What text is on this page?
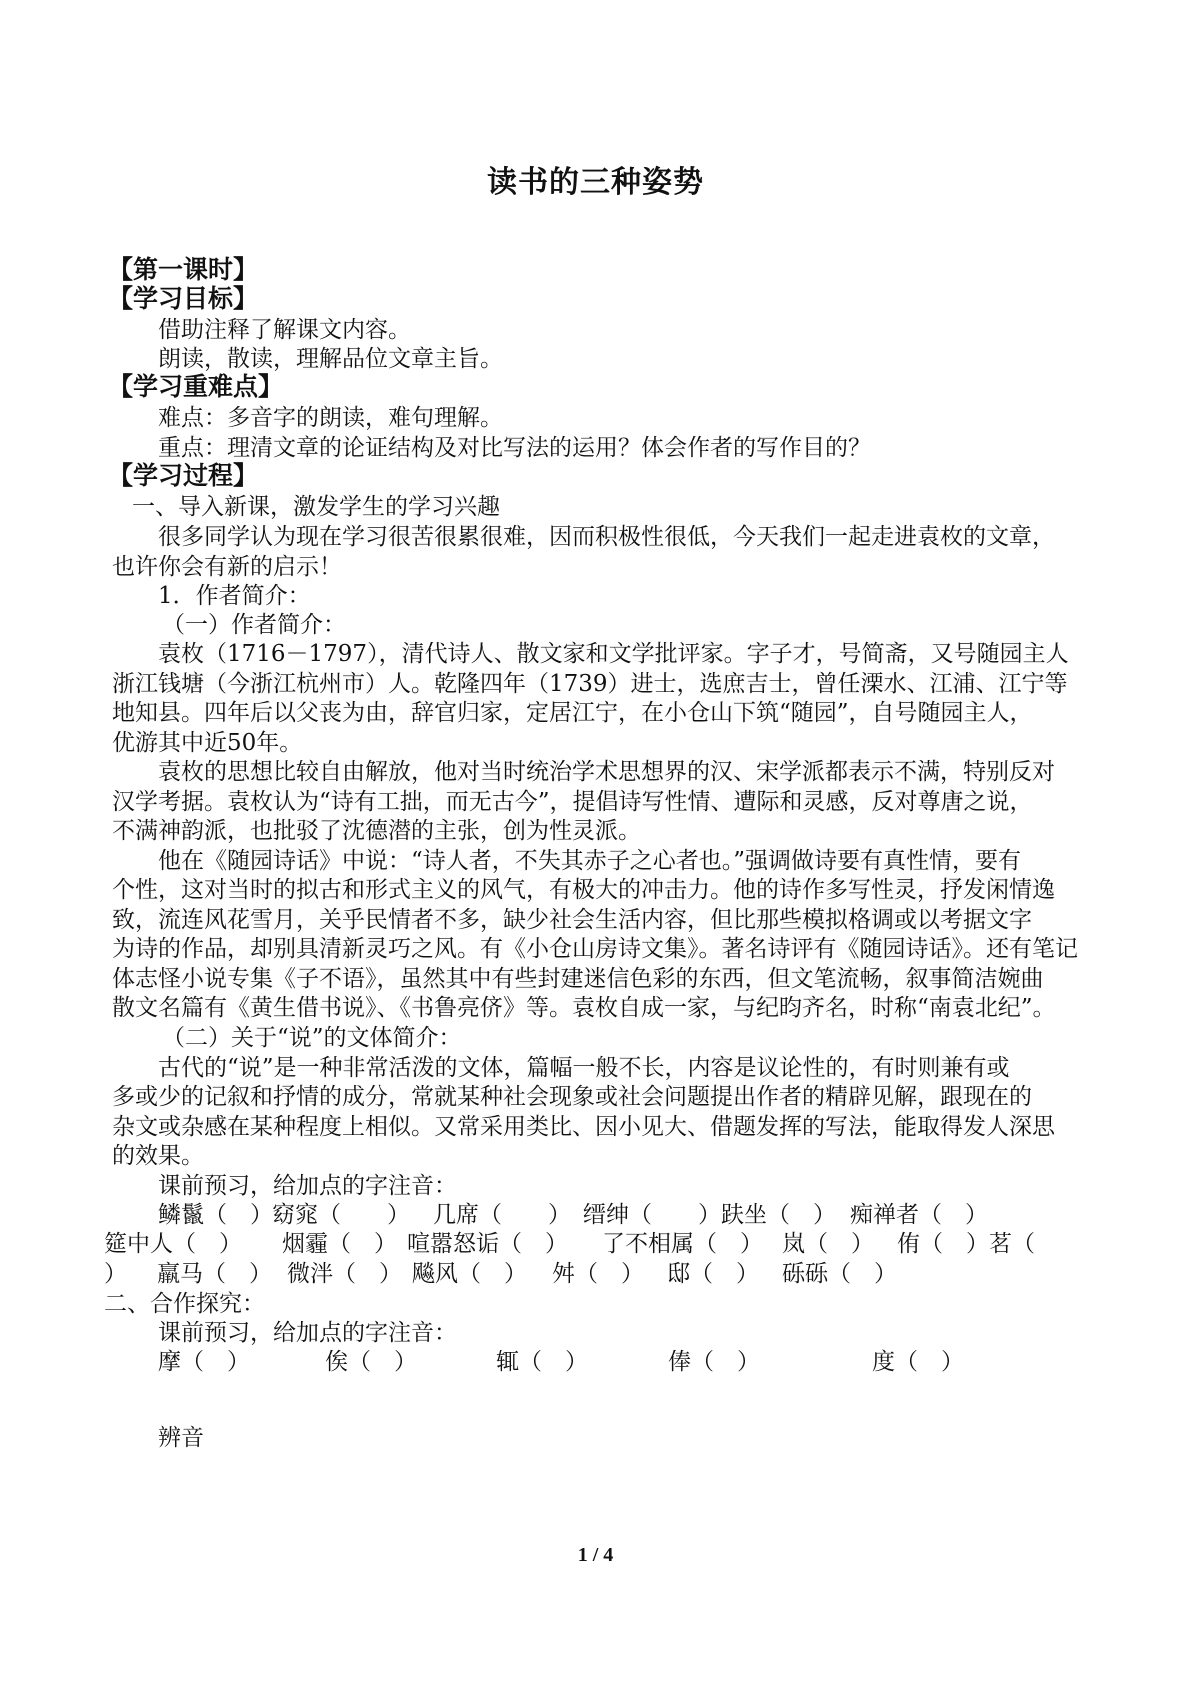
读书的三种姿势
【第一课时】
【学习目标】
借助注释了解课文内容。
朗读，散读，理解品位文章主旨。
【学习重难点】
难点：多音字的朗读，难句理解。
重点：理清文章的论证结构及对比写法的运用？体会作者的写作目的？
【学习过程】
一、导入新课，激发学生的学习兴趣
很多同学认为现在学习很苦很累很难，因而积极性很低，今天我们一起走进袁枚的文章，
也许你会有新的启示！
1．作者简介：
（一）作者简介：
袁枚（1716－1797），清代诗人、散文家和文学批评家。字子才，号简斋，又号随园主人
浙江钱塘（今浙江杭州市）人。乾隆四年（1739）进士，选庶吉士，曾任溧水、江浦、江宁等
地知县。四年后以父丧为由，辞官归家，定居江宁，在小仓山下筑“随园”，自号随园主人，
优游其中近50年。
袁枚的思想比较自由解放，他对当时统治学术思想界的汉、宋学派都表示不满，特别反对
汉学考据。袁枚认为“诗有工拙，而无古今”，提倡诗写性情、遭际和灵感，反对尊唐之说，
不满神韵派，也批驳了沈德潜的主张，创为性灵派。
他在《随园诗话》中说：“诗人者，不失其赤子之心者也。”强调做诗要有真性情，要有
个性，这对当时的拟古和形式主义的风气，有极大的冲击力。他的诗作多写性灵，抒发闲情逸
致，流连风花雪月，关乎民情者不多，缺少社会生活内容，但比那些模拟格调或以考据文字
为诗的作品，却别具清新灵巧之风。有《小仓山房诗文集》。著名诗评有《随园诗话》。还有笔记
体志怪小说专集《子不语》，虽然其中有些封建迷信色彩的东西，但文笔流畅，叙事简洁婉曲
散文名篇有《黄生借书说》、《书鲁亮侪》等。袁枚自成一家，与纪昀齐名，时称“南袁北纪”。
（二）关于“说”的文体简介：
古代的“说”是一种非常活泼的文体，篇幅一般不长，内容是议论性的，有时则兼有或
多或少的记叙和抒情的成分，常就某种社会现象或社会问题提出作者的精辟见解，跟现在的
杂文或杂感在某种程度上相似。又常采用类比、因小见大、借题发挥的写法，能取得发人深思
的效果。
课前预习，给加点的字注音：
鳞鬣（　） 窈窕（　　） 几席（　　） 缙绅（　　）趺坐（　） 痴禅者（　）
筵中人（　） 烟霾（　） 喧嚣怒诟（　） 了不相属（　） 岚（　） 侑（　）茗（
） 羸马（　） 微泮（　） 飚风（　） 舛（　） 邸（　） 砾砾（　）
二、合作探究：
课前预习，给加点的字注音：
摩（　）	俟（　）	辄（　）	俸（　）	度（　）
辨音
1 / 4
